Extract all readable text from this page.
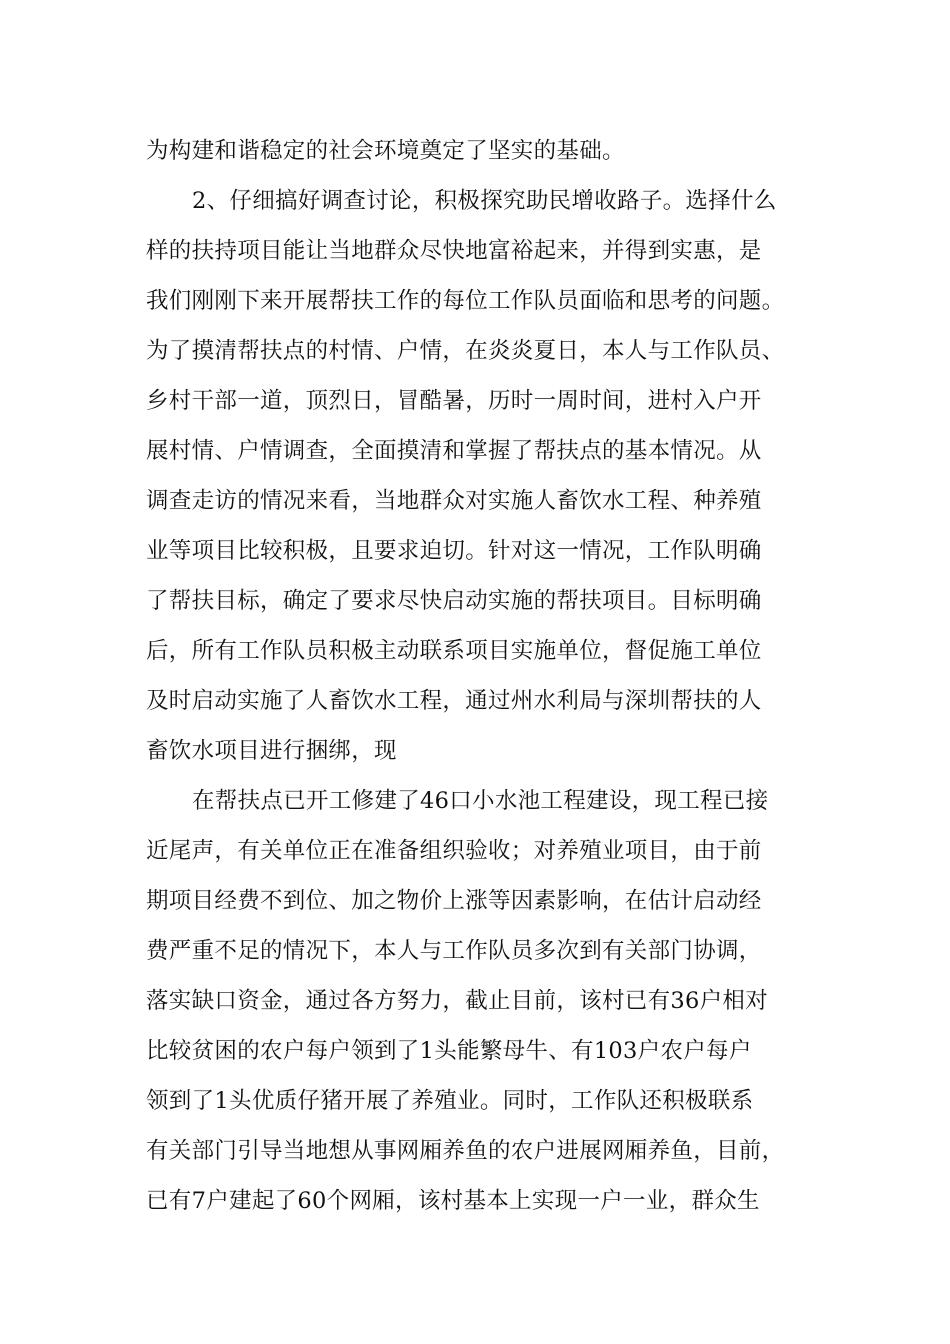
为构建和谐稳定的社会环境奠定了坚实的基础。
2、仔细搞好调查讨论，积极探究助民增收路子。选择什么
样的扶持项目能让当地群众尽快地富裕起来，并得到实惠，是
我们刚刚下来开展帮扶工作的每位工作队员面临和思考的问题。
为了摸清帮扶点的村情、户情，在炎炎夏日，本人与工作队员、
乡村干部一道，顶烈日，冒酷暑，历时一周时间，进村入户开
展村情、户情调查，全面摸清和掌握了帮扶点的基本情况。从
调查走访的情况来看，当地群众对实施人畜饮水工程、种养殖
业等项目比较积极，且要求迫切。针对这一情况，工作队明确
了帮扶目标，确定了要求尽快启动实施的帮扶项目。目标明确
后，所有工作队员积极主动联系项目实施单位，督促施工单位
及时启动实施了人畜饮水工程，通过州水利局与深圳帮扶的人
畜饮水项目进行捆绑，现
在帮扶点已开工修建了46口小水池工程建设，现工程已接
近尾声，有关单位正在准备组织验收；对养殖业项目，由于前
期项目经费不到位、加之物价上涨等因素影响，在估计启动经
费严重不足的情况下，本人与工作队员多次到有关部门协调，
落实缺口资金，通过各方努力，截止目前，该村已有36户相对
比较贫困的农户每户领到了1头能繁母牛、有103户农户每户
领到了1头优质仔猪开展了养殖业。同时，工作队还积极联系
有关部门引导当地想从事网厢养鱼的农户进展网厢养鱼，目前，
已有7户建起了60个网厢，该村基本上实现一户一业，群众生
